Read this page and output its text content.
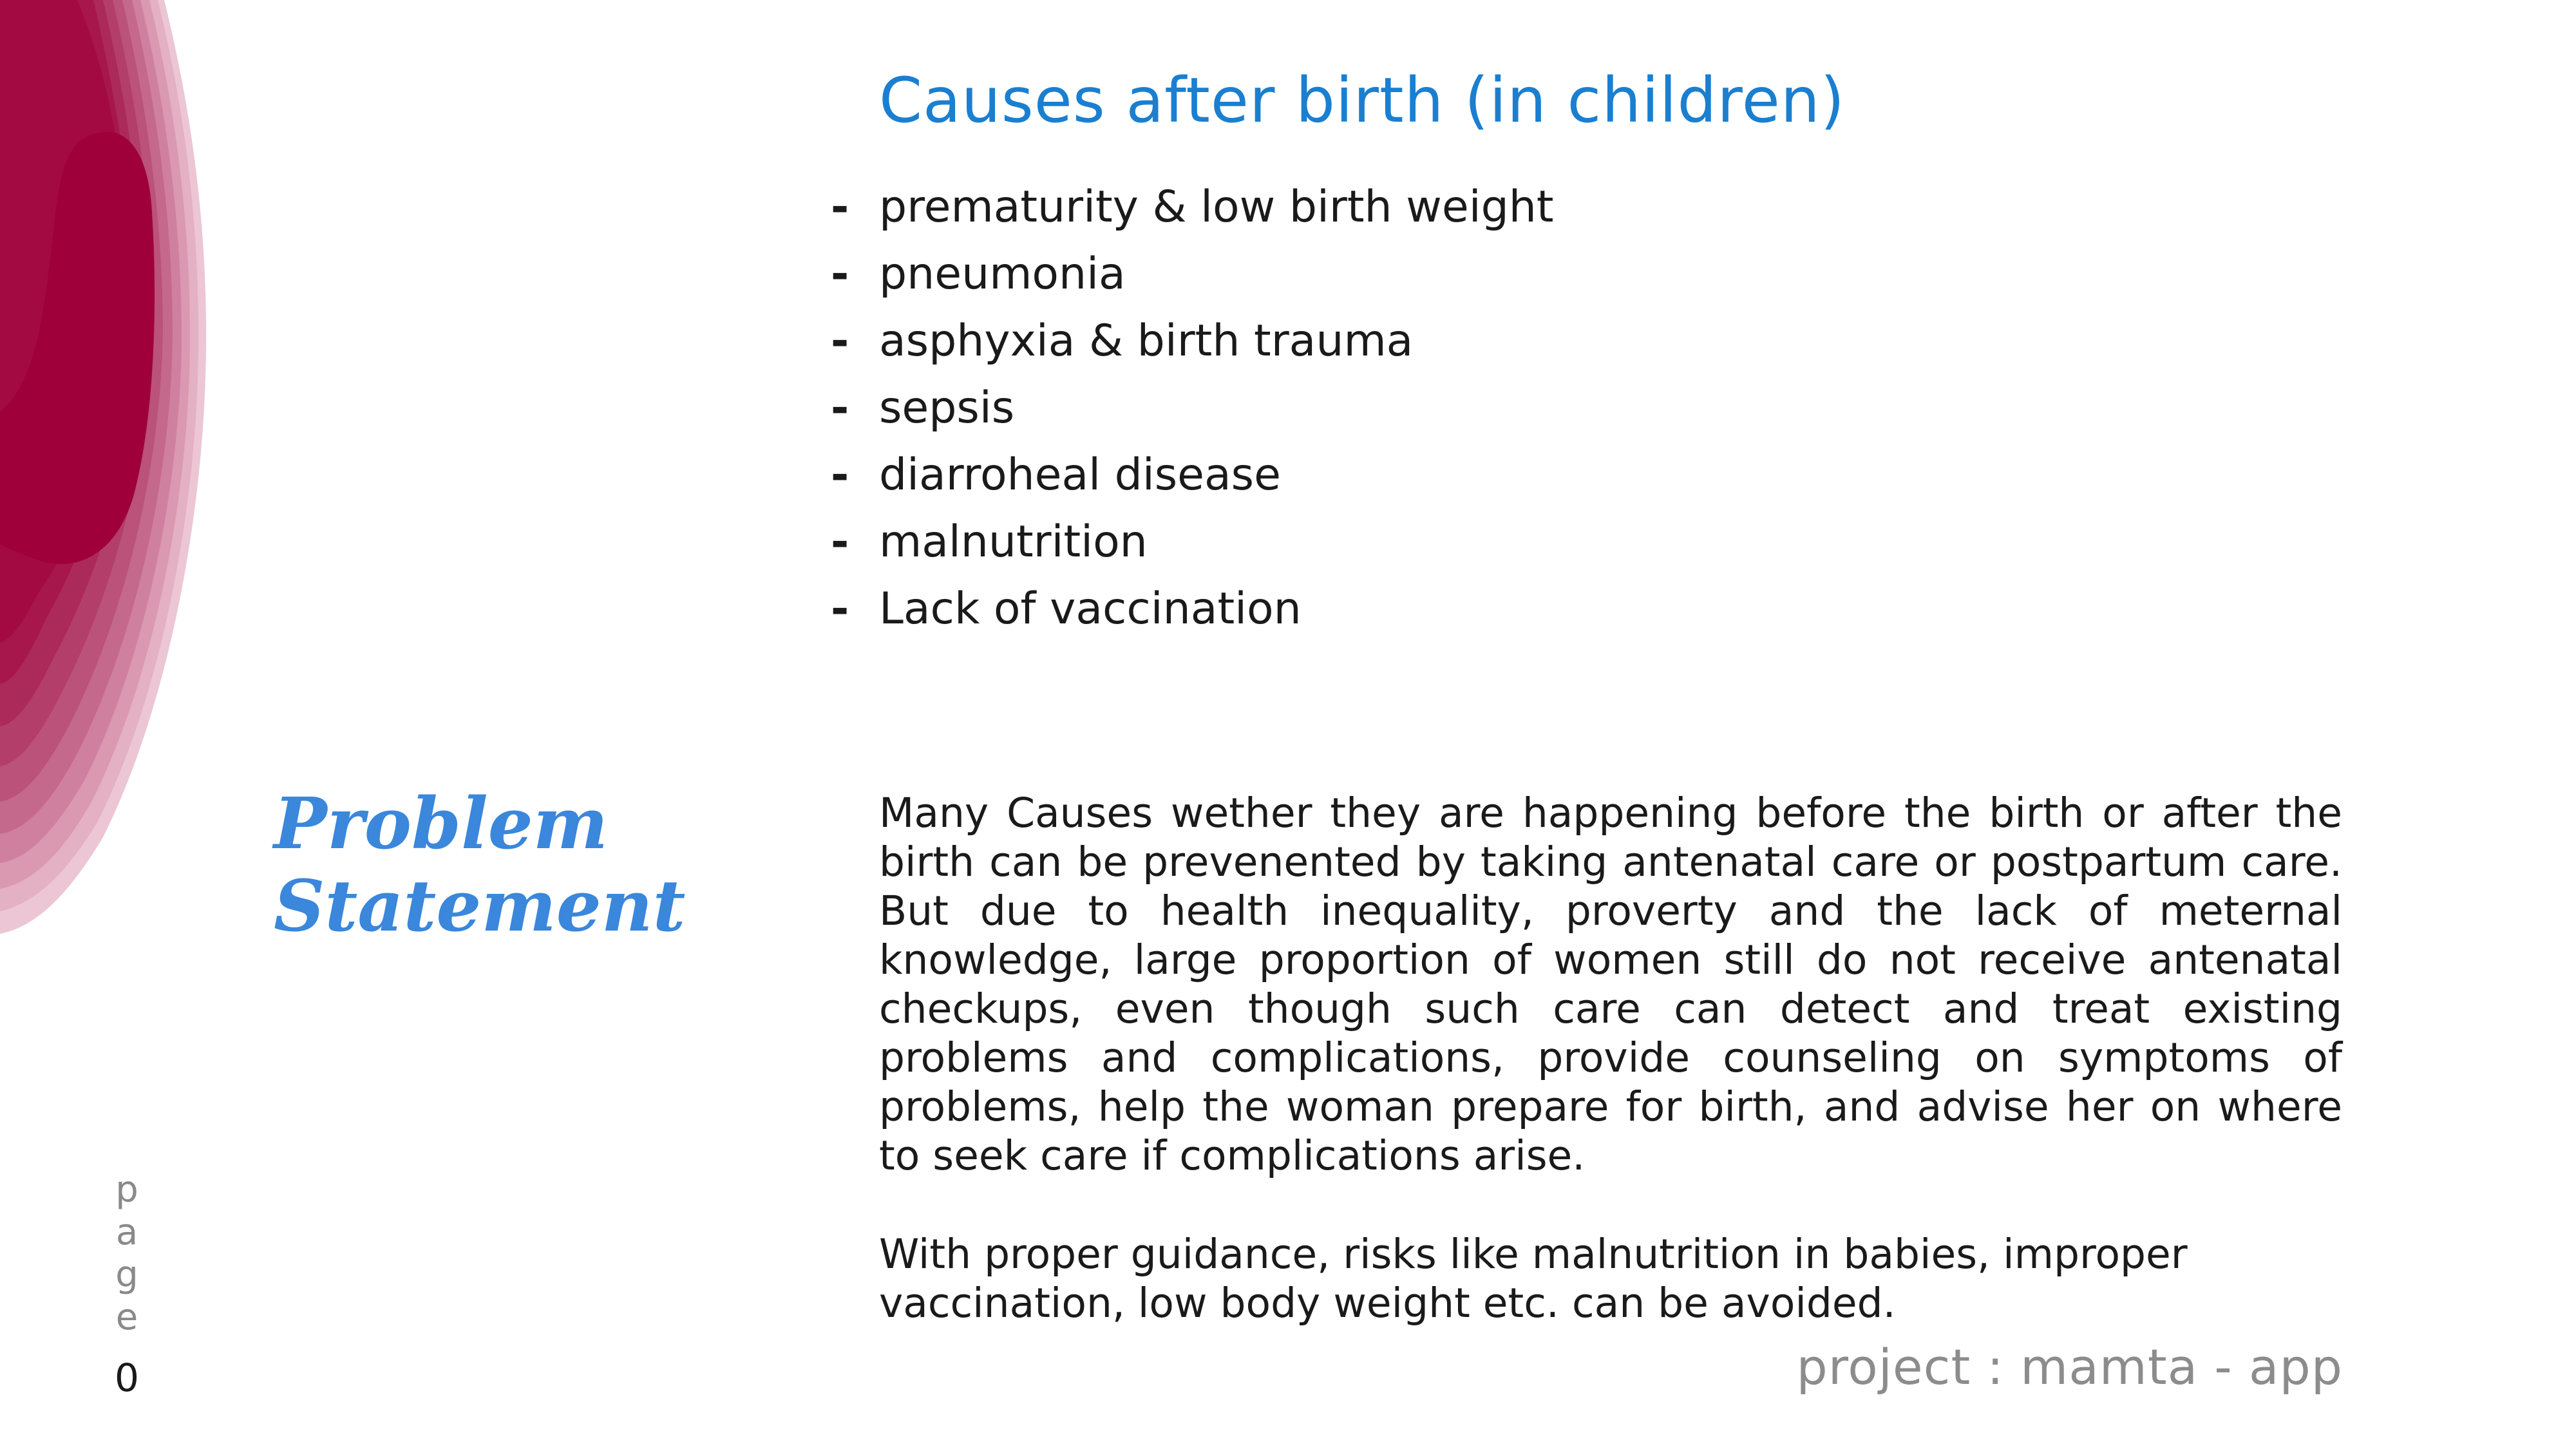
Causes after birth (in children)
- prematurity & low birth weight
- pneumonia
- asphyxia & birth trauma
- sepsis
- diarroheal disease
- malnutrition
- Lack of vaccination
Problem
Statement

Many Causes wether they are happening before the birth or after the birth can be prevenented by taking antenatal care or postpartum care. But due to health inequality, proverty and the lack of meternal knowledge, large proportion of women still do not receive antenatal checkups, even though such care can detect and treat existing problems and complications, provide counseling on symptoms of problems, help the woman prepare for birth, and advise her on where to seek care if complications arise.

With proper guidance, risks like malnutrition in babies, improper vaccination, low body weight etc. can be avoided.

page
0	project : mamta - app
